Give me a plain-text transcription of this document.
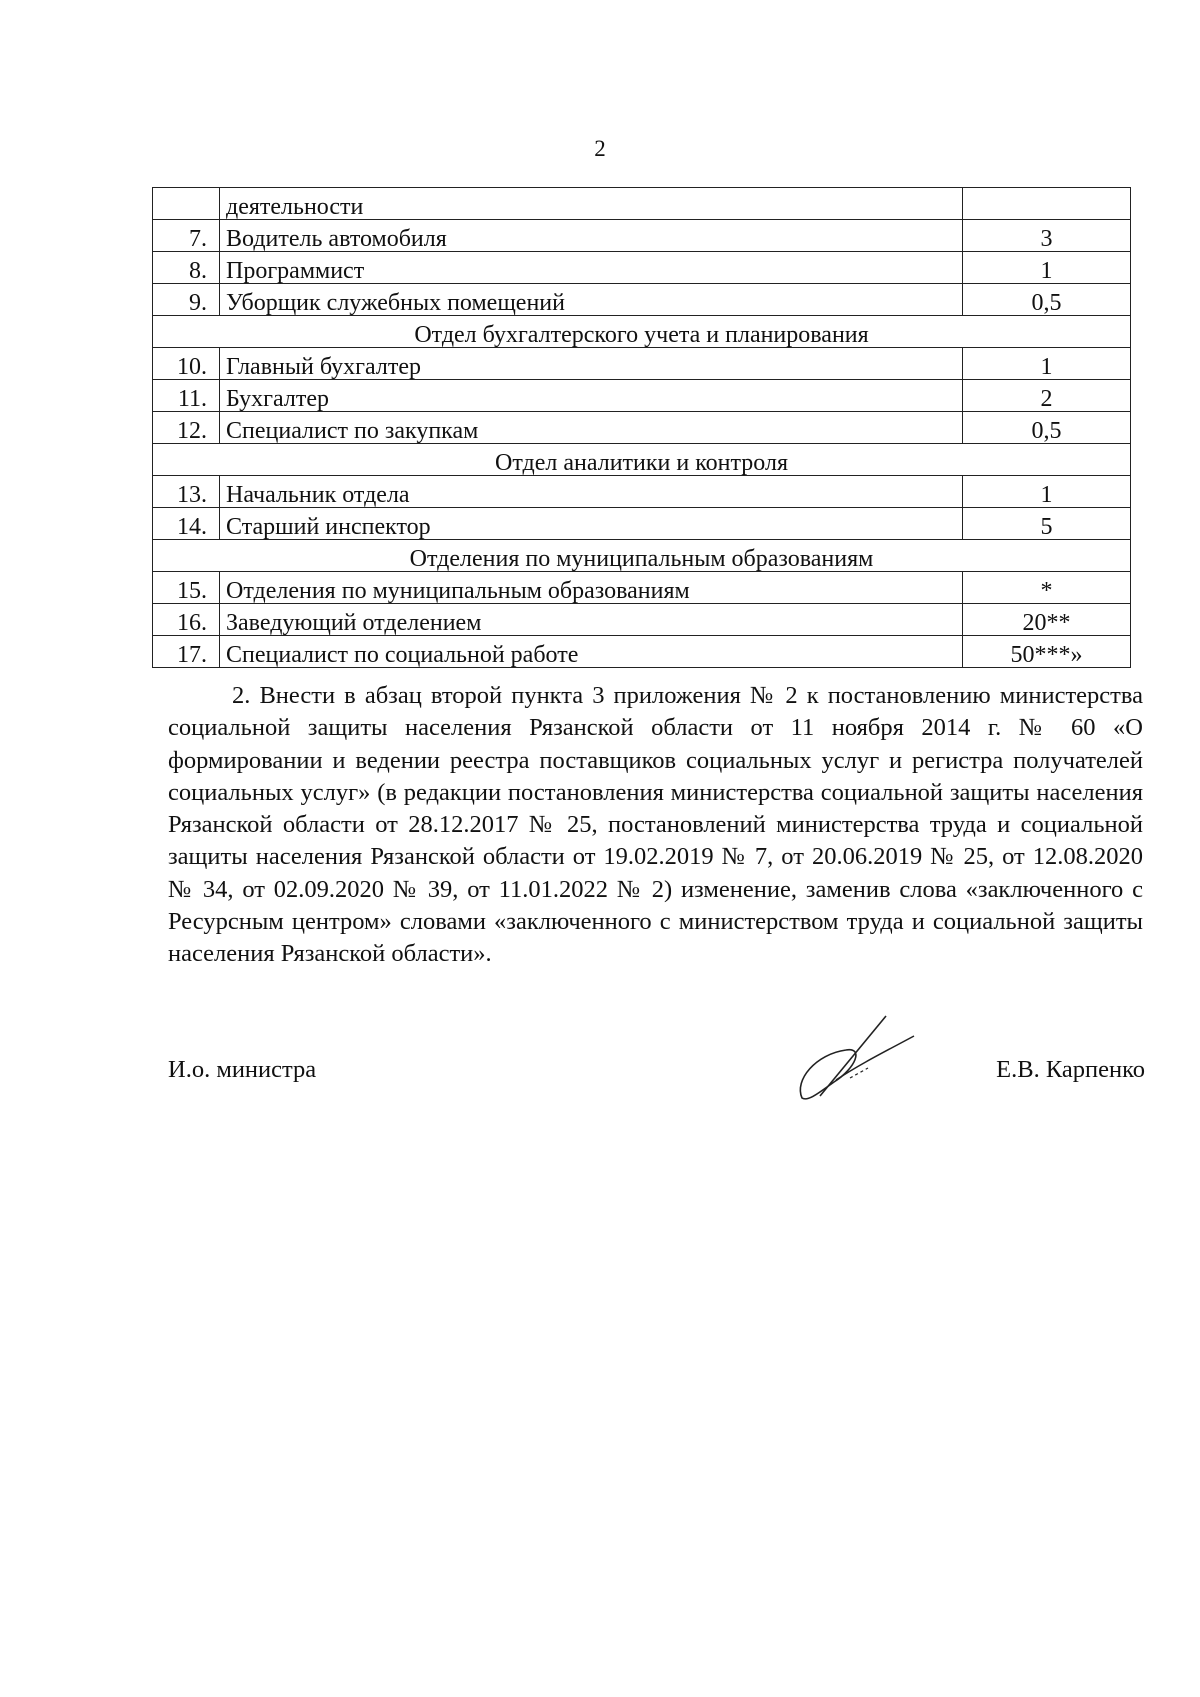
2
	деятельности	
7.	Водитель автомобиля	3
8.	Программист	1
9.	Уборщик служебных помещений	0,5
Отдел бухгалтерского учета и планирования		
10.	Главный бухгалтер	1
11.	Бухгалтер	2
12.	Специалист по закупкам	0,5
Отдел аналитики и контроля		
13.	Начальник отдела	1
14.	Старший инспектор	5
Отделения по муниципальным образованиям		
15.	Отделения по муниципальным образованиям	*
16.	Заведующий отделением	20**
17.	Специалист по социальной работе	50***»

2. Внести в абзац второй пункта 3 приложения № 2 к постановлению министерства социальной защиты населения Рязанской области от 11 ноября 2014 г. № 60 «О формировании и ведении реестра поставщиков социальных услуг и регистра получателей социальных услуг» (в редакции постановления министерства социальной защиты населения Рязанской области от 28.12.2017 № 25, постановлений министерства труда и социальной защиты населения Рязанской области от 19.02.2019 № 7, от 20.06.2019 № 25, от 12.08.2020 № 34, от 02.09.2020 № 39, от 11.01.2022 № 2) изменение, заменив слова «заключенного с Ресурсным центром» словами «заключенного с министерством труда и социальной защиты населения Рязанской области».

И.о. министра	Е.В. Карпенко
